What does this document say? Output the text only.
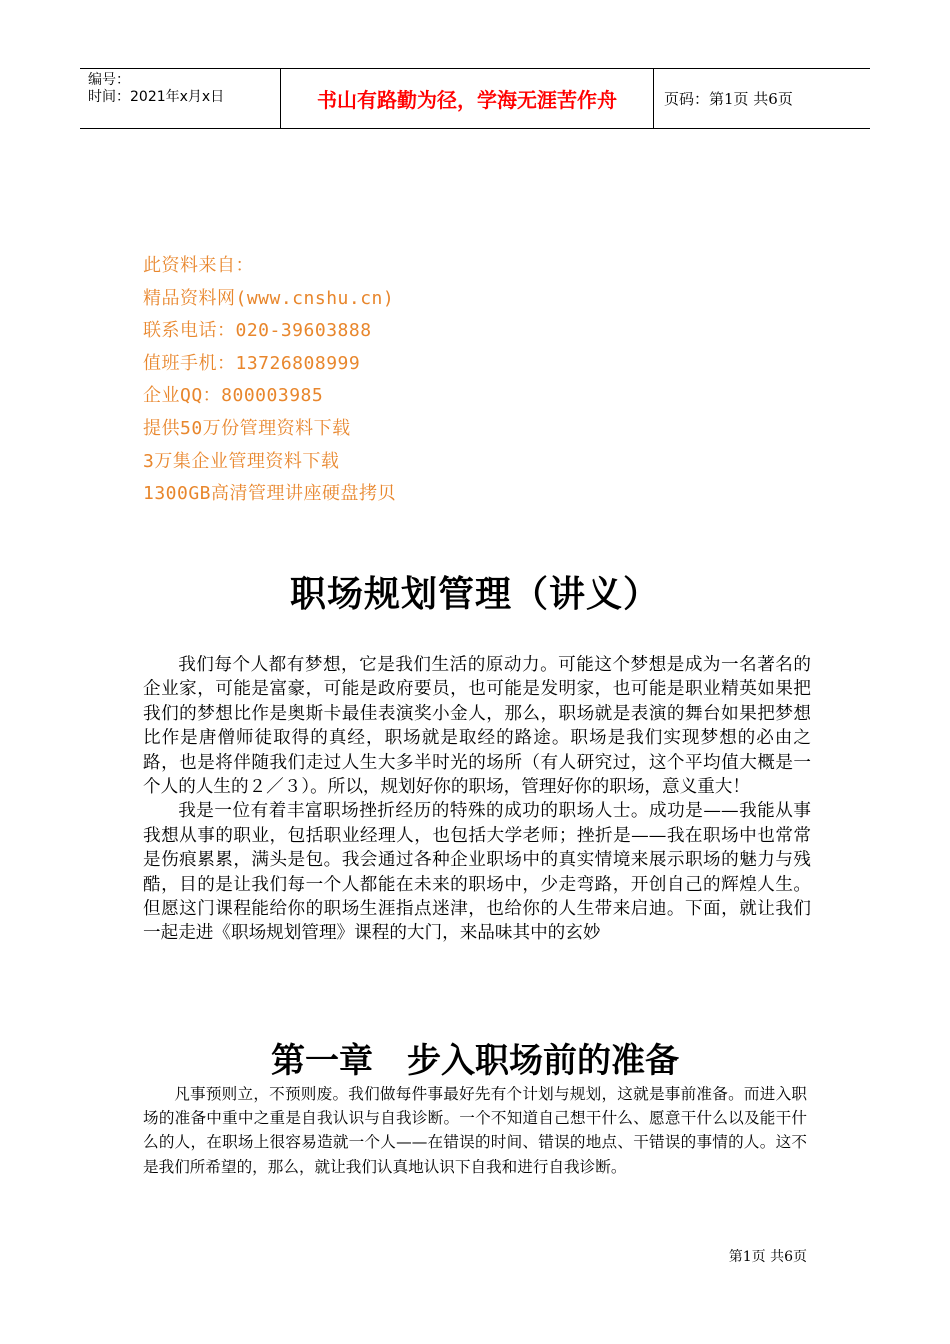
编号：
时间：2021年x月x日	书山有路勤为径，学海无涯苦作舟	页码：第1页 共6页
此资料来自：
精品资料网(www.cnshu.cn)
联系电话：020-39603888
值班手机：13726808999
企业QQ：800003985
提供50万份管理资料下载
3万集企业管理资料下载
1300GB高清管理讲座硬盘拷贝
职场规划管理（讲义）

我们每个人都有梦想，它是我们生活的原动力。可能这个梦想是成为一名著名的企业家，可能是富豪，可能是政府要员，也可能是发明家，也可能是职业精英如果把我们的梦想比作是奥斯卡最佳表演奖小金人，那么，职场就是表演的舞台如果把梦想比作是唐僧师徒取得的真经，职场就是取经的路途。职场是我们实现梦想的必由之路，也是将伴随我们走过人生大多半时光的场所（有人研究过，这个平均值大概是一个人的人生的２／３）。所以，规划好你的职场，管理好你的职场，意义重大！

我是一位有着丰富职场挫折经历的特殊的成功的职场人士。成功是——我能从事我想从事的职业，包括职业经理人，也包括大学老师；挫折是——我在职场中也常常是伤痕累累，满头是包。我会通过各种企业职场中的真实情境来展示职场的魅力与残酷，目的是让我们每一个人都能在未来的职场中，少走弯路，开创自己的辉煌人生。但愿这门课程能给你的职场生涯指点迷津，也给你的人生带来启迪。下面，就让我们一起走进《职场规划管理》课程的大门，来品味其中的玄妙

第一章　步入职场前的准备

凡事预则立，不预则废。我们做每件事最好先有个计划与规划，这就是事前准备。而进入职场的准备中重中之重是自我认识与自我诊断。一个不知道自己想干什么、愿意干什么以及能干什么的人，在职场上很容易造就一个人——在错误的时间、错误的地点、干错误的事情的人。这不是我们所希望的，那么，就让我们认真地认识下自我和进行自我诊断。

第1页 共6页
